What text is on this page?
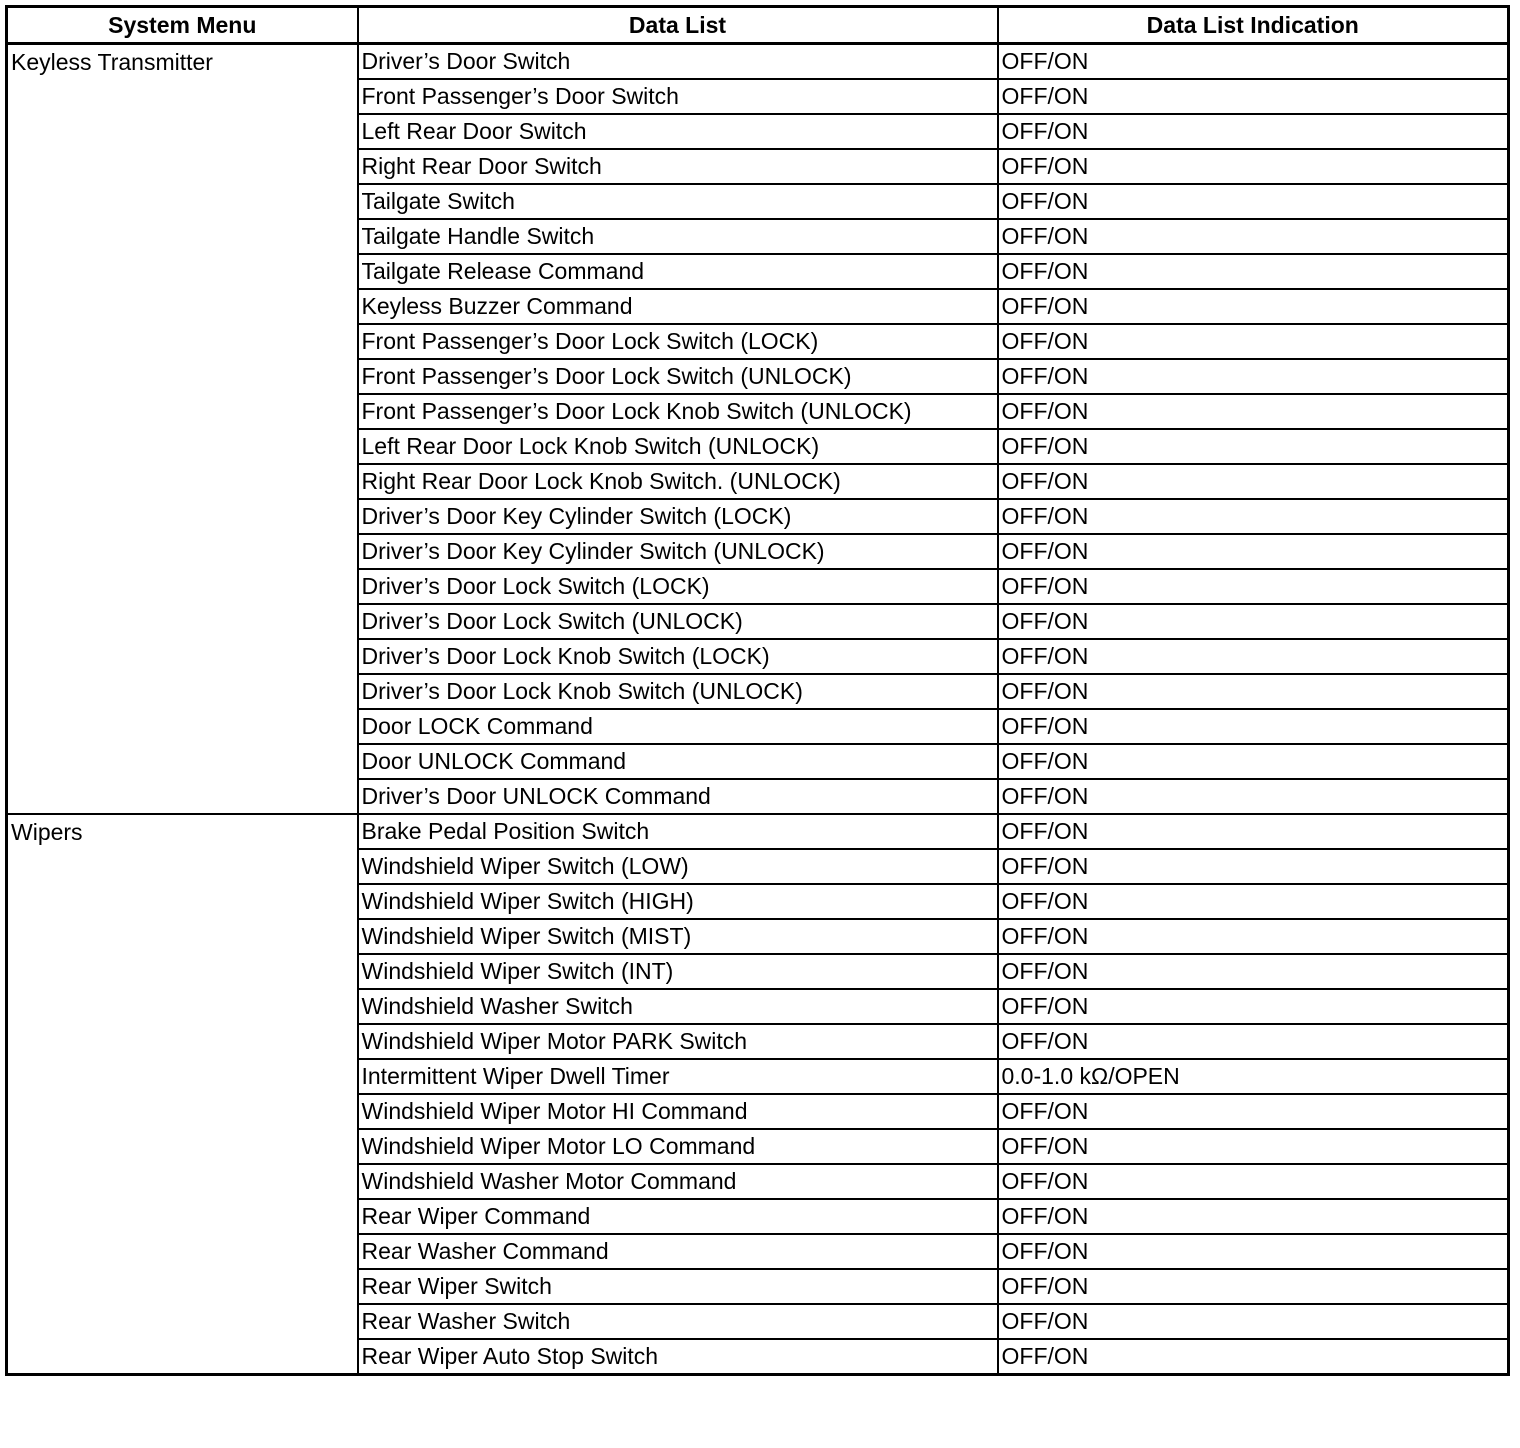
System Menu	Data List	Data List Indication
Keyless Transmitter	Driver’s Door Switch	OFF/ON
	Front Passenger’s Door Switch	OFF/ON
	Left Rear Door Switch	OFF/ON
	Right Rear Door Switch	OFF/ON
	Tailgate Switch	OFF/ON
	Tailgate Handle Switch	OFF/ON
	Tailgate Release Command	OFF/ON
	Keyless Buzzer Command	OFF/ON
	Front Passenger’s Door Lock Switch (LOCK)	OFF/ON
	Front Passenger’s Door Lock Switch (UNLOCK)	OFF/ON
	Front Passenger’s Door Lock Knob Switch (UNLOCK)	OFF/ON
	Left Rear Door Lock Knob Switch (UNLOCK)	OFF/ON
	Right Rear Door Lock Knob Switch. (UNLOCK)	OFF/ON
	Driver’s Door Key Cylinder Switch (LOCK)	OFF/ON
	Driver’s Door Key Cylinder Switch (UNLOCK)	OFF/ON
	Driver’s Door Lock Switch (LOCK)	OFF/ON
	Driver’s Door Lock Switch (UNLOCK)	OFF/ON
	Driver’s Door Lock Knob Switch (LOCK)	OFF/ON
	Driver’s Door Lock Knob Switch (UNLOCK)	OFF/ON
	Door LOCK Command	OFF/ON
	Door UNLOCK Command	OFF/ON
	Driver’s Door UNLOCK Command	OFF/ON
Wipers	Brake Pedal Position Switch	OFF/ON
	Windshield Wiper Switch (LOW)	OFF/ON
	Windshield Wiper Switch (HIGH)	OFF/ON
	Windshield Wiper Switch (MIST)	OFF/ON
	Windshield Wiper Switch (INT)	OFF/ON
	Windshield Washer Switch	OFF/ON
	Windshield Wiper Motor PARK Switch	OFF/ON
	Intermittent Wiper Dwell Timer	0.0-1.0 kΩ/OPEN
	Windshield Wiper Motor HI Command	OFF/ON
	Windshield Wiper Motor LO Command	OFF/ON
	Windshield Washer Motor Command	OFF/ON
	Rear Wiper Command	OFF/ON
	Rear Washer Command	OFF/ON
	Rear Wiper Switch	OFF/ON
	Rear Washer Switch	OFF/ON
	Rear Wiper Auto Stop Switch	OFF/ON
